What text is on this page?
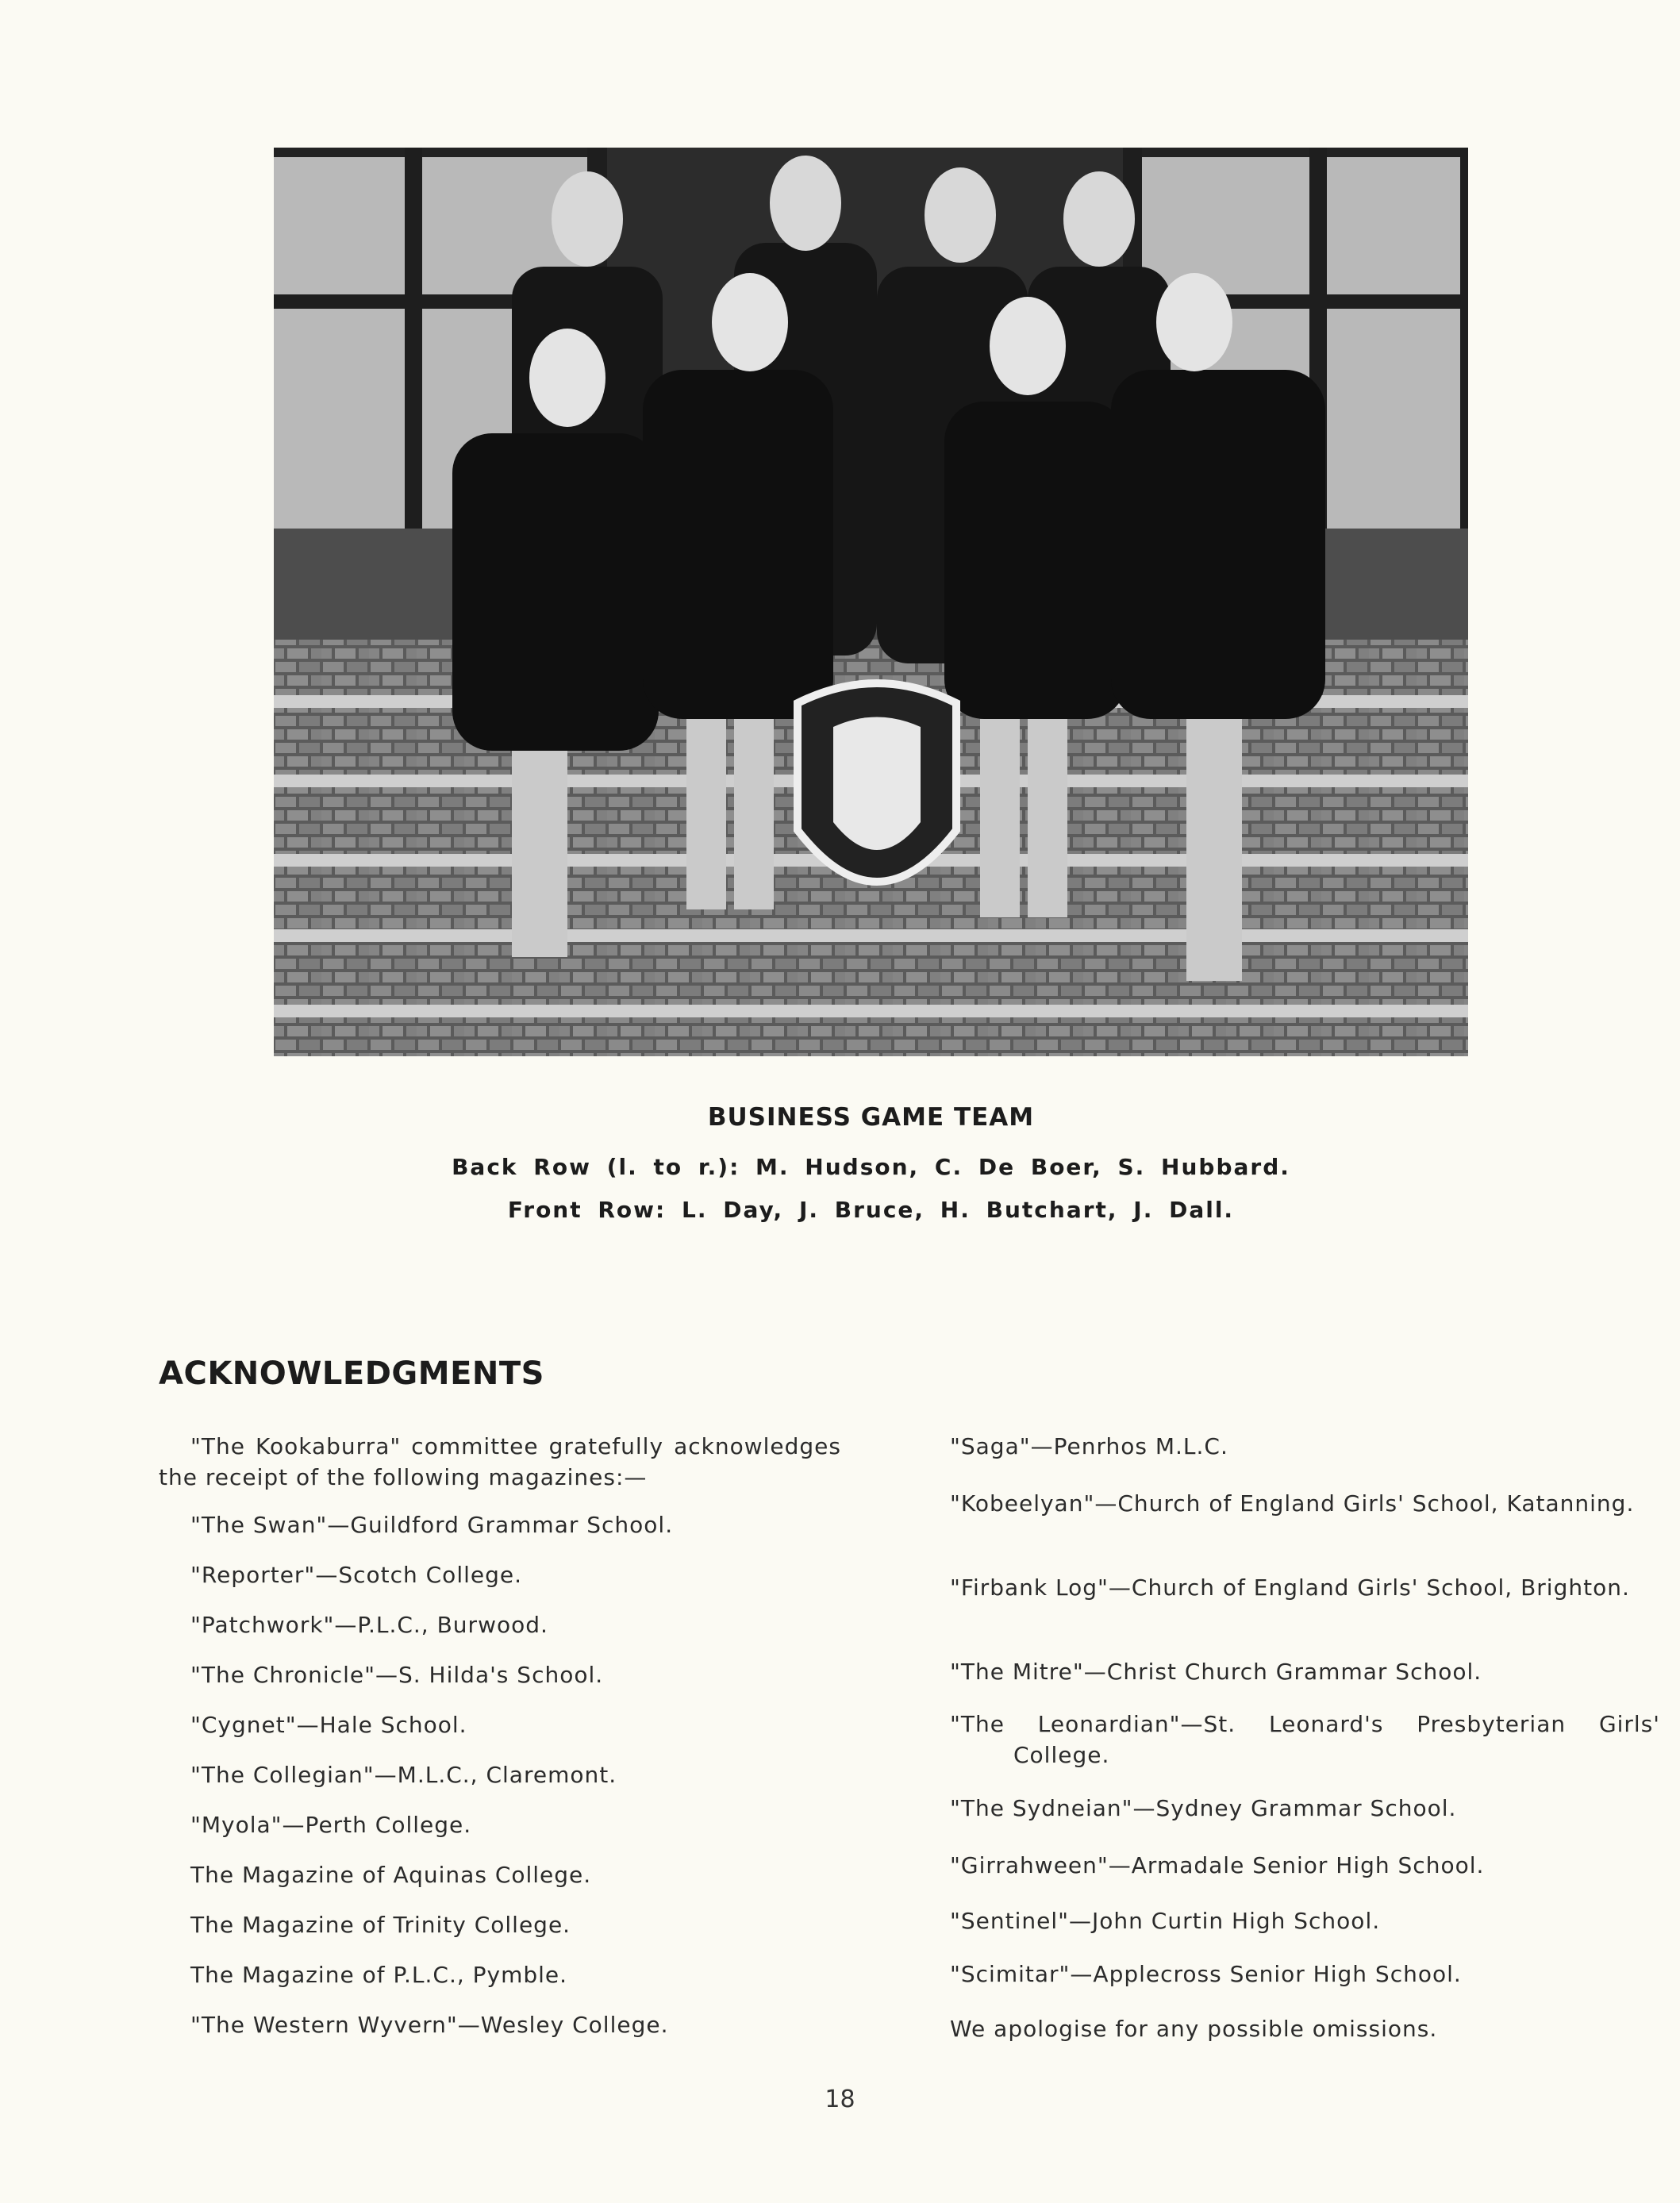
BUSINESS GAME TEAM
Back Row (l. to r.): M. Hudson, C. De Boer, S. Hubbard.
Front Row: L. Day, J. Bruce, H. Butchart, J. Dall.
ACKNOWLEDGMENTS

"The Kookaburra" committee gratefully acknowledges the receipt of the following magazines:—

"The Swan"—Guildford Grammar School.

"Reporter"—Scotch College.

"Patchwork"—P.L.C., Burwood.

"The Chronicle"—S. Hilda's School.

"Cygnet"—Hale School.

"The Collegian"—M.L.C., Claremont.

"Myola"—Perth College.

The Magazine of Aquinas College.

The Magazine of Trinity College.

The Magazine of P.L.C., Pymble.

"The Western Wyvern"—Wesley College.

"Saga"—Penrhos M.L.C.

"Kobeelyan"—Church of England Girls' School, Katanning.

"Firbank Log"—Church of England Girls' School, Brighton.

"The Mitre"—Christ Church Grammar School.

"The Leonardian"—St. Leonard's Presbyterian Girls' College.

"The Sydneian"—Sydney Grammar School.

"Girrahween"—Armadale Senior High School.

"Sentinel"—John Curtin High School.

"Scimitar"—Applecross Senior High School.

We apologise for any possible omissions.

18
